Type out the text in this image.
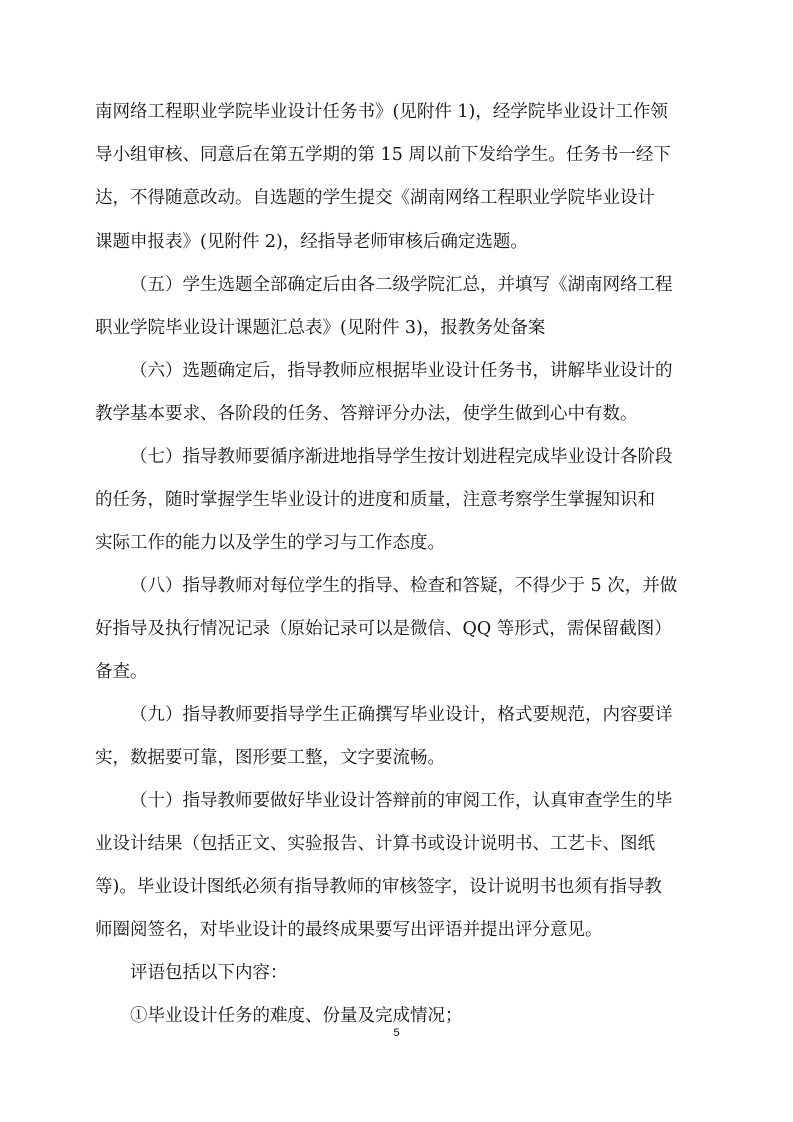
南网络工程职业学院毕业设计任务书》(见附件 1)，经学院毕业设计工作领
导小组审核、同意后在第五学期的第 15 周以前下发给学生。任务书一经下
达，不得随意改动。自选题的学生提交《湖南网络工程职业学院毕业设计
课题申报表》(见附件 2)，经指导老师审核后确定选题。
（五）学生选题全部确定后由各二级学院汇总，并填写《湖南网络工程
职业学院毕业设计课题汇总表》(见附件 3)，报教务处备案
（六）选题确定后，指导教师应根据毕业设计任务书，讲解毕业设计的
教学基本要求、各阶段的任务、答辩评分办法，使学生做到心中有数。
（七）指导教师要循序渐进地指导学生按计划进程完成毕业设计各阶段
的任务，随时掌握学生毕业设计的进度和质量，注意考察学生掌握知识和
实际工作的能力以及学生的学习与工作态度。
（八）指导教师对每位学生的指导、检查和答疑，不得少于 5 次，并做
好指导及执行情况记录（原始记录可以是微信、QQ 等形式，需保留截图）
备查。
（九）指导教师要指导学生正确撰写毕业设计，格式要规范，内容要详
实，数据要可靠，图形要工整，文字要流畅。
（十）指导教师要做好毕业设计答辩前的审阅工作，认真审查学生的毕
业设计结果（包括正文、实验报告、计算书或设计说明书、工艺卡、图纸
等)。毕业设计图纸必须有指导教师的审核签字，设计说明书也须有指导教
师圈阅签名，对毕业设计的最终成果要写出评语并提出评分意见。
评语包括以下内容：
①毕业设计任务的难度、份量及完成情况；
5
